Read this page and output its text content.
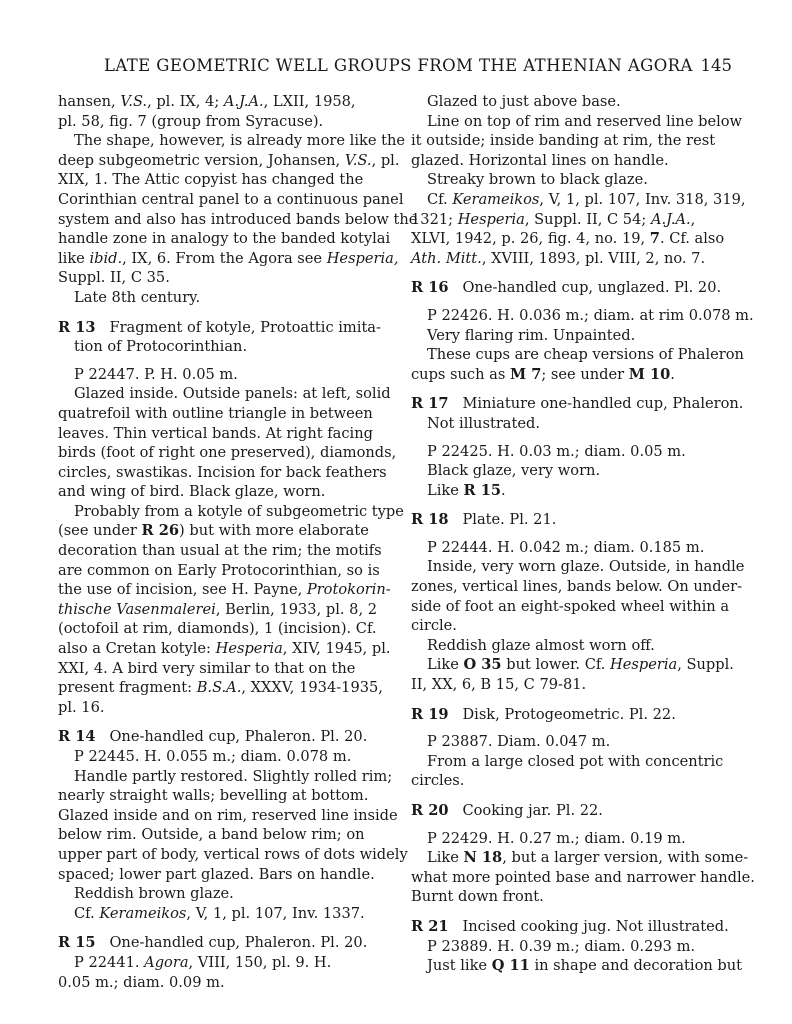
LATE GEOMETRIC WELL GROUPS FROM THE ATHENIAN AGORA 145
hansen, V.S., pl. IX, 4; A.J.A., LXII, 1958,
pl. 58, fig. 7 (group from Syracuse).
The shape, however, is already more like the
deep subgeometric version, Johansen, V.S., pl.
XIX, 1. The Attic copyist has changed the
Corinthian central panel to a continuous panel
system and also has introduced bands below the
handle zone in analogy to the banded kotylai
like ibid., IX, 6. From the Agora see Hesperia,
Suppl. II, C 35.
Late 8th century.
R 13 Fragment of kotyle, Protoattic imita-
tion of Protocorinthian.
P 22447. P. H. 0.05 m.
Glazed inside. Outside panels: at left, solid
quatrefoil with outline triangle in between
leaves. Thin vertical bands. At right facing
birds (foot of right one preserved), diamonds,
circles, swastikas. Incision for back feathers
and wing of bird. Black glaze, worn.
Probably from a kotyle of subgeometric type
(see under R 26) but with more elaborate
decoration than usual at the rim; the motifs
are common on Early Protocorinthian, so is
the use of incision, see H. Payne, Protokorin-
thische Vasenmalerei, Berlin, 1933, pl. 8, 2
(octofoil at rim, diamonds), 1 (incision). Cf.
also a Cretan kotyle: Hesperia, XIV, 1945, pl.
XXI, 4. A bird very similar to that on the
present fragment: B.S.A., XXXV, 1934-1935,
pl. 16.
R 14 One-handled cup, Phaleron. Pl. 20.
P 22445. H. 0.055 m.; diam. 0.078 m.
Handle partly restored. Slightly rolled rim;
nearly straight walls; bevelling at bottom.
Glazed inside and on rim, reserved line inside
below rim. Outside, a band below rim; on
upper part of body, vertical rows of dots widely
spaced; lower part glazed. Bars on handle.
Reddish brown glaze.
Cf. Kerameikos, V, 1, pl. 107, Inv. 1337.
R 15 One-handled cup, Phaleron. Pl. 20.
P 22441. Agora, VIII, 150, pl. 9. H.
0.05 m.; diam. 0.09 m.
Glazed to just above base.
Line on top of rim and reserved line below
it outside; inside banding at rim, the rest
glazed. Horizontal lines on handle.
Streaky brown to black glaze.
Cf. Kerameikos, V, 1, pl. 107, Inv. 318, 319,
1321; Hesperia, Suppl. II, C 54; A.J.A.,
XLVI, 1942, p. 26, fig. 4, no. 19, 7. Cf. also
Ath. Mitt., XVIII, 1893, pl. VIII, 2, no. 7.
R 16 One-handled cup, unglazed. Pl. 20.
P 22426. H. 0.036 m.; diam. at rim 0.078 m.
Very flaring rim. Unpainted.
These cups are cheap versions of Phaleron
cups such as M 7; see under M 10.
R 17 Miniature one-handled cup, Phaleron.
Not illustrated.
P 22425. H. 0.03 m.; diam. 0.05 m.
Black glaze, very worn.
Like R 15.
R 18 Plate. Pl. 21.
P 22444. H. 0.042 m.; diam. 0.185 m.
Inside, very worn glaze. Outside, in handle
zones, vertical lines, bands below. On under-
side of foot an eight-spoked wheel within a
circle.
Reddish glaze almost worn off.
Like O 35 but lower. Cf. Hesperia, Suppl.
II, XX, 6, B 15, C 79-81.
R 19 Disk, Protogeometric. Pl. 22.
P 23887. Diam. 0.047 m.
From a large closed pot with concentric
circles.
R 20 Cooking jar. Pl. 22.
P 22429. H. 0.27 m.; diam. 0.19 m.
Like N 18, but a larger version, with some-
what more pointed base and narrower handle.
Burnt down front.
R 21 Incised cooking jug. Not illustrated.
P 23889. H. 0.39 m.; diam. 0.293 m.
Just like Q 11 in shape and decoration but
